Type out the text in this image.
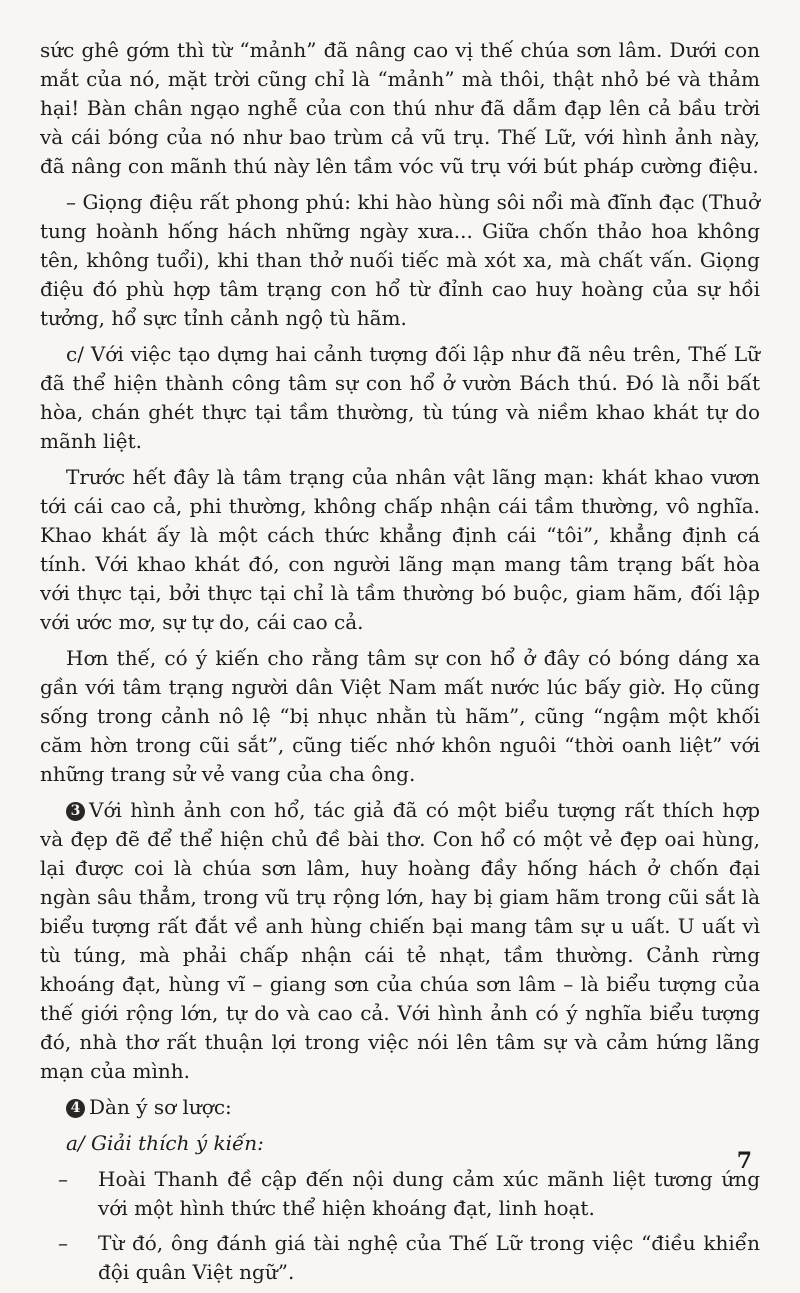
sức ghê gớm thì từ “mảnh” đã nâng cao vị thế chúa sơn lâm. Dưới con mắt của nó, mặt trời cũng chỉ là “mảnh” mà thôi, thật nhỏ bé và thảm hại! Bàn chân ngạo nghễ của con thú như đã dẫm đạp lên cả bầu trời và cái bóng của nó như bao trùm cả vũ trụ. Thế Lữ, với hình ảnh này, đã nâng con mãnh thú này lên tầm vóc vũ trụ với bút pháp cường điệu.

– Giọng điệu rất phong phú: khi hào hùng sôi nổi mà đĩnh đạc (Thuở tung hoành hống hách những ngày xưa... Giữa chốn thảo hoa không tên, không tuổi), khi than thở nuối tiếc mà xót xa, mà chất vấn. Giọng điệu đó phù hợp tâm trạng con hổ từ đỉnh cao huy hoàng của sự hồi tưởng, hổ sực tỉnh cảnh ngộ tù hãm.

c/ Với việc tạo dựng hai cảnh tượng đối lập như đã nêu trên, Thế Lữ đã thể hiện thành công tâm sự con hổ ở vườn Bách thú. Đó là nỗi bất hòa, chán ghét thực tại tầm thường, tù túng và niềm khao khát tự do mãnh liệt.

Trước hết đây là tâm trạng của nhân vật lãng mạn: khát khao vươn tới cái cao cả, phi thường, không chấp nhận cái tầm thường, vô nghĩa. Khao khát ấy là một cách thức khẳng định cái “tôi”, khẳng định cá tính. Với khao khát đó, con người lãng mạn mang tâm trạng bất hòa với thực tại, bởi thực tại chỉ là tầm thường bó buộc, giam hãm, đối lập với ước mơ, sự tự do, cái cao cả.

Hơn thế, có ý kiến cho rằng tâm sự con hổ ở đây có bóng dáng xa gần với tâm trạng người dân Việt Nam mất nước lúc bấy giờ. Họ cũng sống trong cảnh nô lệ “bị nhục nhằn tù hãm”, cũng “ngậm một khối căm hờn trong cũi sắt”, cũng tiếc nhớ khôn nguôi “thời oanh liệt” với những trang sử vẻ vang của cha ông.

3 Với hình ảnh con hổ, tác giả đã có một biểu tượng rất thích hợp và đẹp đẽ để thể hiện chủ đề bài thơ. Con hổ có một vẻ đẹp oai hùng, lại được coi là chúa sơn lâm, huy hoàng đầy hống hách ở chốn đại ngàn sâu thẳm, trong vũ trụ rộng lớn, hay bị giam hãm trong cũi sắt là biểu tượng rất đắt về anh hùng chiến bại mang tâm sự u uất. U uất vì tù túng, mà phải chấp nhận cái tẻ nhạt, tầm thường. Cảnh rừng khoáng đạt, hùng vĩ – giang sơn của chúa sơn lâm – là biểu tượng của thế giới rộng lớn, tự do và cao cả. Với hình ảnh có ý nghĩa biểu tượng đó, nhà thơ rất thuận lợi trong việc nói lên tâm sự và cảm hứng lãng mạn của mình.

4 Dàn ý sơ lược:

a/ Giải thích ý kiến:

– Hoài Thanh đề cập đến nội dung cảm xúc mãnh liệt tương ứng với một hình thức thể hiện khoáng đạt, linh hoạt.
– Từ đó, ông đánh giá tài nghệ của Thế Lữ trong việc “điều khiển đội quân Việt ngữ”.
7
